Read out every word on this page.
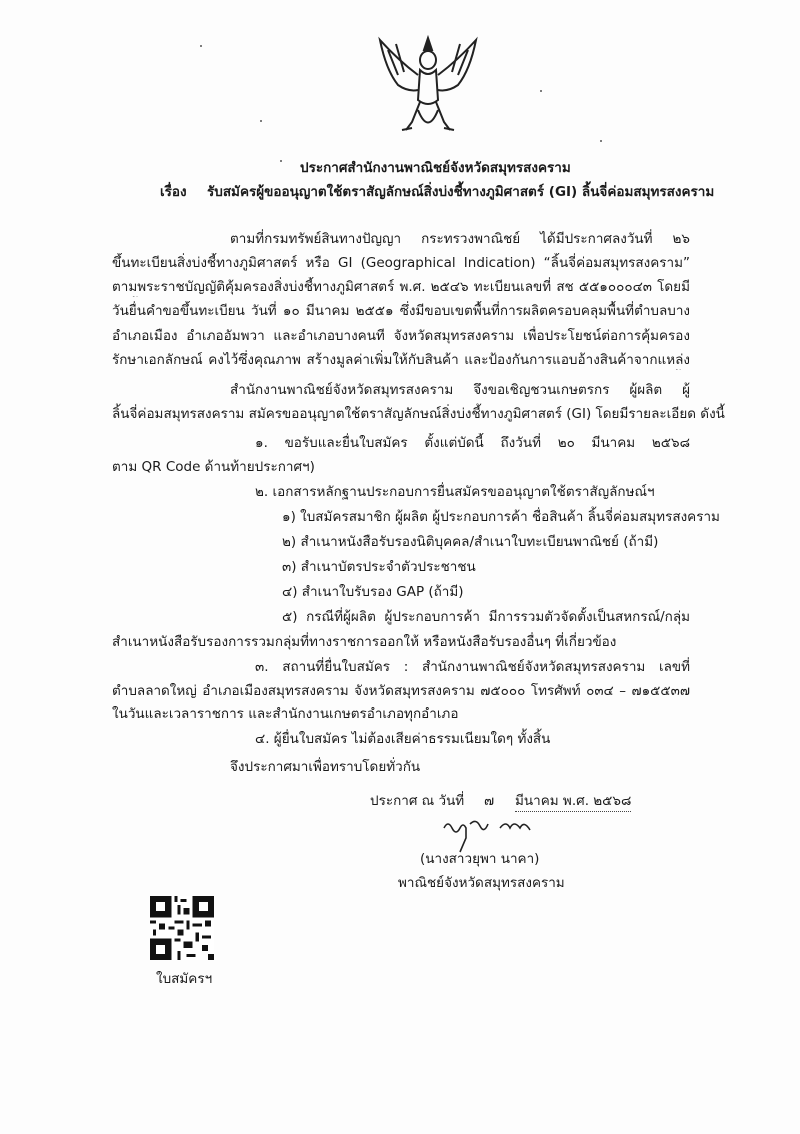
ประกาศสำนักงานพาณิชย์จังหวัดสมุทรสงคราม
เรื่อง รับสมัครผู้ขออนุญาตใช้ตราสัญลักษณ์สิ่งบ่งชี้ทางภูมิศาสตร์ (GI) ลิ้นจี่ค่อมสมุทรสงคราม
ตามที่กรมทรัพย์สินทางปัญญา กระทรวงพาณิชย์ ได้มีประกาศลงวันที่ ๒๖
ขึ้นทะเบียนสิ่งบ่งชี้ทางภูมิศาสตร์ หรือ GI (Geographical Indication) “ลิ้นจี่ค่อมสมุทรสงคราม”
ตามพระราชบัญญัติคุ้มครองสิ่งบ่งชี้ทางภูมิศาสตร์ พ.ศ. ๒๕๔๖ ทะเบียนเลขที่ สช ๕๕๑๐๐๐๔๓ โดยมี
วันยื่นคำขอขึ้นทะเบียน วันที่ ๑๐ มีนาคม ๒๕๕๑ ซึ่งมีขอบเขตพื้นที่การผลิตครอบคลุมพื้นที่ตำบลบาง
อำเภอเมือง อำเภออัมพวา และอำเภอบางคนที จังหวัดสมุทรสงคราม เพื่อประโยชน์ต่อการคุ้มครอง
รักษาเอกลักษณ์ คงไว้ซึ่งคุณภาพ สร้างมูลค่าเพิ่มให้กับสินค้า และป้องกันการแอบอ้างสินค้าจากแหล่ง
สำนักงานพาณิชย์จังหวัดสมุทรสงคราม จึงขอเชิญชวนเกษตรกร ผู้ผลิต ผู้
ลิ้นจี่ค่อมสมุทรสงคราม สมัครขออนุญาตใช้ตราสัญลักษณ์สิ่งบ่งชี้ทางภูมิศาสตร์ (GI) โดยมีรายละเอียด ดังนี้
๑. ขอรับและยื่นใบสมัคร ตั้งแต่บัดนี้ ถึงวันที่ ๒๐ มีนาคม ๒๕๖๘
ตาม QR Code ด้านท้ายประกาศฯ)
๒. เอกสารหลักฐานประกอบการยื่นสมัครขออนุญาตใช้ตราสัญลักษณ์ฯ
๑) ใบสมัครสมาชิก ผู้ผลิต ผู้ประกอบการค้า ชื่อสินค้า ลิ้นจี่ค่อมสมุทรสงคราม
๒) สำเนาหนังสือรับรองนิติบุคคล/สำเนาใบทะเบียนพาณิชย์ (ถ้ามี)
๓) สำเนาบัตรประจำตัวประชาชน
๔) สำเนาใบรับรอง GAP (ถ้ามี)
๕) กรณีที่ผู้ผลิต ผู้ประกอบการค้า มีการรวมตัวจัดตั้งเป็นสหกรณ์/กลุ่ม
สำเนาหนังสือรับรองการรวมกลุ่มที่ทางราชการออกให้ หรือหนังสือรับรองอื่นๆ ที่เกี่ยวข้อง
๓. สถานที่ยื่นใบสมัคร : สำนักงานพาณิชย์จังหวัดสมุทรสงคราม เลขที่
ตำบลลาดใหญ่ อำเภอเมืองสมุทรสงคราม จังหวัดสมุทรสงคราม ๗๕๐๐๐ โทรศัพท์ ๐๓๔ – ๗๑๕๕๓๗
ในวันและเวลาราชการ และสำนักงานเกษตรอำเภอทุกอำเภอ
๔. ผู้ยื่นใบสมัคร ไม่ต้องเสียค่าธรรมเนียมใดๆ ทั้งสิ้น
จึงประกาศมาเพื่อทราบโดยทั่วกัน
ประกาศ ณ วันที่ ๗ มีนาคม พ.ศ. ๒๕๖๘
(นางสาวยุพา นาคา)
พาณิชย์จังหวัดสมุทรสงคราม
ใบสมัครฯ
